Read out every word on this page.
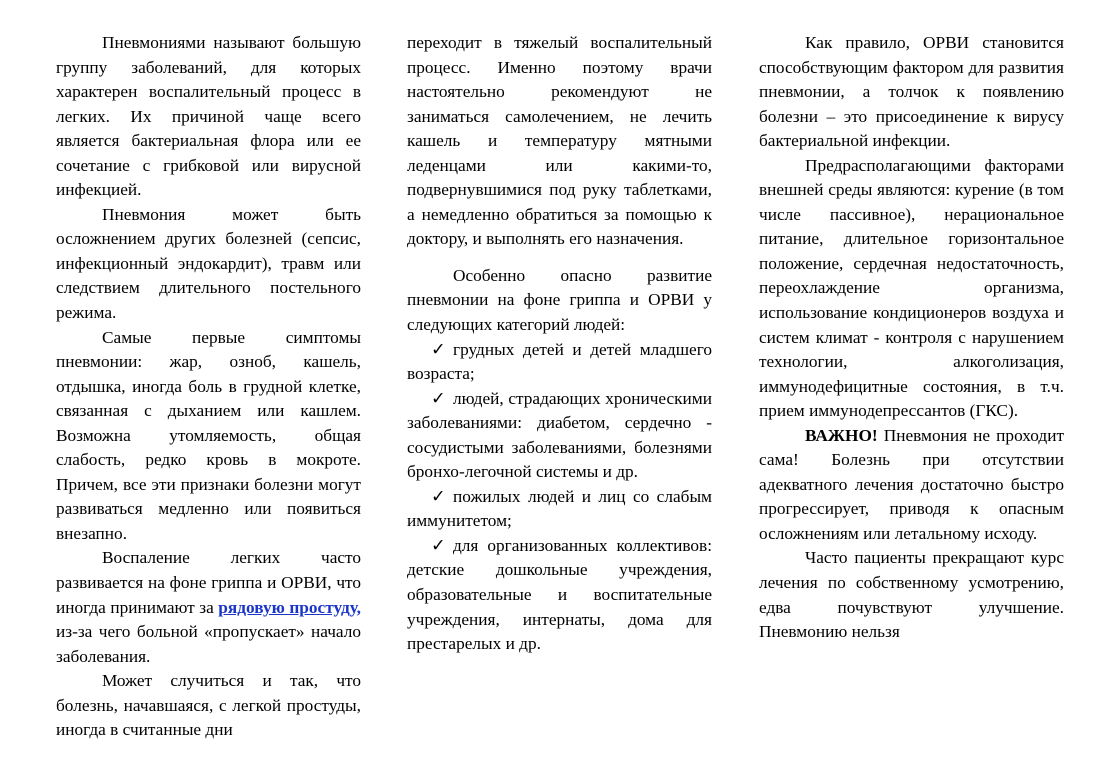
Пневмониями называют большую группу заболеваний, для которых характерен воспалительный процесс в легких. Их причиной чаще всего является бактериальная флора или ее сочетание с грибковой или вирусной инфекцией.

Пневмония может быть осложнением других болезней (сепсис, инфекционный эндокардит), травм или следствием длительного постельного режима.

Самые первые симптомы пневмонии: жар, озноб, кашель, отдышка, иногда боль в грудной клетке, связанная с дыханием или кашлем. Возможна утомляемость, общая слабость, редко кровь в мокроте. Причем, все эти признаки болезни могут развиваться медленно или появиться внезапно.

Воспаление легких часто развивается на фоне гриппа и ОРВИ, что иногда принимают за рядовую простуду, из-за чего больной «пропускает» начало заболевания.

Может случиться и так, что болезнь, начавшаяся, с легкой простуды, иногда в считанные дни

переходит в тяжелый воспалительный процесс. Именно поэтому врачи настоятельно рекомендуют не заниматься самолечением, не лечить кашель и температуру мятными леденцами или какими-то, подвернувшимися под руку таблетками, а немедленно обратиться за помощью к доктору, и выполнять его назначения.

Особенно опасно развитие пневмонии на фоне гриппа и ОРВИ у следующих категорий людей:

✓ грудных детей и детей младшего возраста;

✓ людей, страдающих хроническими заболеваниями: диабетом, сердечно - сосудистыми заболеваниями, болезнями бронхо-легочной системы и др.

✓ пожилых людей и лиц со слабым иммунитетом;

✓ для организованных коллективов: детские дошкольные учреждения, образовательные и воспитательные учреждения, интернаты, дома для престарелых и др.

Как правило, ОРВИ становится способствующим фактором для развития пневмонии, а толчок к появлению болезни – это присоединение к вирусу бактериальной инфекции.

Предрасполагающими факторами внешней среды являются: курение (в том числе пассивное), нерациональное питание, длительное горизонтальное положение, сердечная недостаточность, переохлаждение организма, использование кондиционеров воздуха и систем климат - контроля с нарушением технологии, алкоголизация, иммунодефицитные состояния, в т.ч. прием иммунодепрессантов (ГКС).

ВАЖНО! Пневмония не проходит сама! Болезнь при отсутствии адекватного лечения достаточно быстро прогрессирует, приводя к опасным осложнениям или летальному исходу.

Часто пациенты прекращают курс лечения по собственному усмотрению, едва почувствуют улучшение. Пневмонию нельзя
